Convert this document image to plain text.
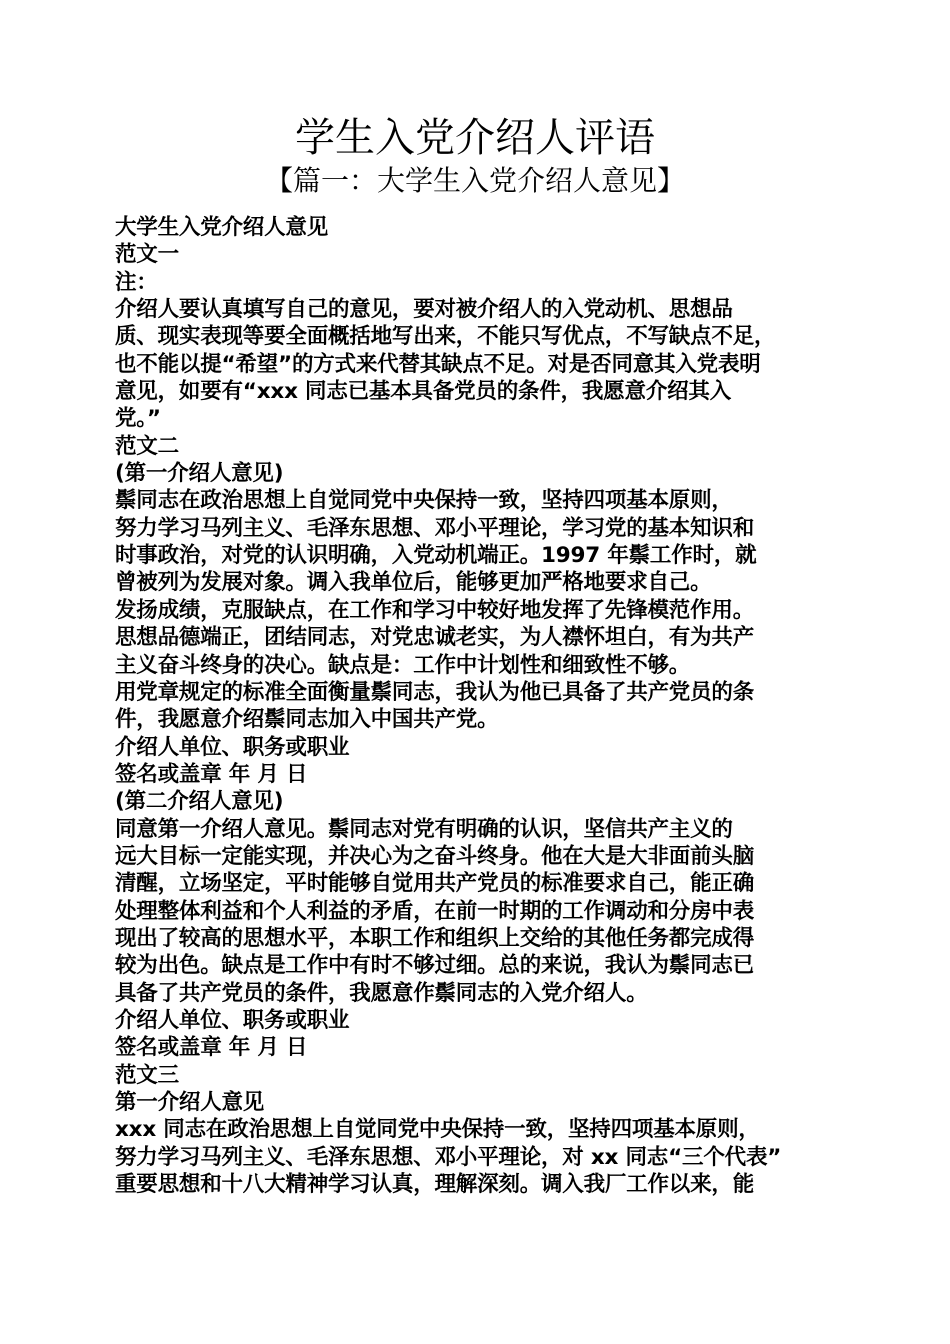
学生入党介绍人评语
【篇一：大学生入党介绍人意见】
大学生入党介绍人意见
范文一
注：
介绍人要认真填写自己的意见，要对被介绍人的入党动机、思想品
质、现实表现等要全面概括地写出来，不能只写优点，不写缺点不足，
也不能以提“希望”的方式来代替其缺点不足。对是否同意其入党表明
意见，如要有“xxx 同志已基本具备党员的条件，我愿意介绍其入
党。”
范文二
(第一介绍人意见)
鬃同志在政治思想上自觉同党中央保持一致，坚持四项基本原则，
努力学习马列主义、毛泽东思想、邓小平理论，学习党的基本知识和
时事政治，对党的认识明确，入党动机端正。1997 年鬃工作时，就
曾被列为发展对象。调入我单位后，能够更加严格地要求自己。
发扬成绩，克服缺点，在工作和学习中较好地发挥了先锋模范作用。
思想品德端正，团结同志，对党忠诚老实，为人襟怀坦白，有为共产
主义奋斗终身的决心。缺点是：工作中计划性和细致性不够。
用党章规定的标准全面衡量鬃同志，我认为他已具备了共产党员的条
件，我愿意介绍鬃同志加入中国共产党。
介绍人单位、职务或职业
签名或盖章 年 月 日
(第二介绍人意见)
同意第一介绍人意见。鬃同志对党有明确的认识，坚信共产主义的
远大目标一定能实现，并决心为之奋斗终身。他在大是大非面前头脑
清醒，立场坚定，平时能够自觉用共产党员的标准要求自己，能正确
处理整体利益和个人利益的矛盾，在前一时期的工作调动和分房中表
现出了较高的思想水平，本职工作和组织上交给的其他任务都完成得
较为出色。缺点是工作中有时不够过细。总的来说，我认为鬃同志已
具备了共产党员的条件，我愿意作鬃同志的入党介绍人。
介绍人单位、职务或职业
签名或盖章 年 月 日
范文三
第一介绍人意见
xxx 同志在政治思想上自觉同党中央保持一致，坚持四项基本原则，
努力学习马列主义、毛泽东思想、邓小平理论，对 xx 同志“三个代表”
重要思想和十八大精神学习认真，理解深刻。调入我厂工作以来，能
